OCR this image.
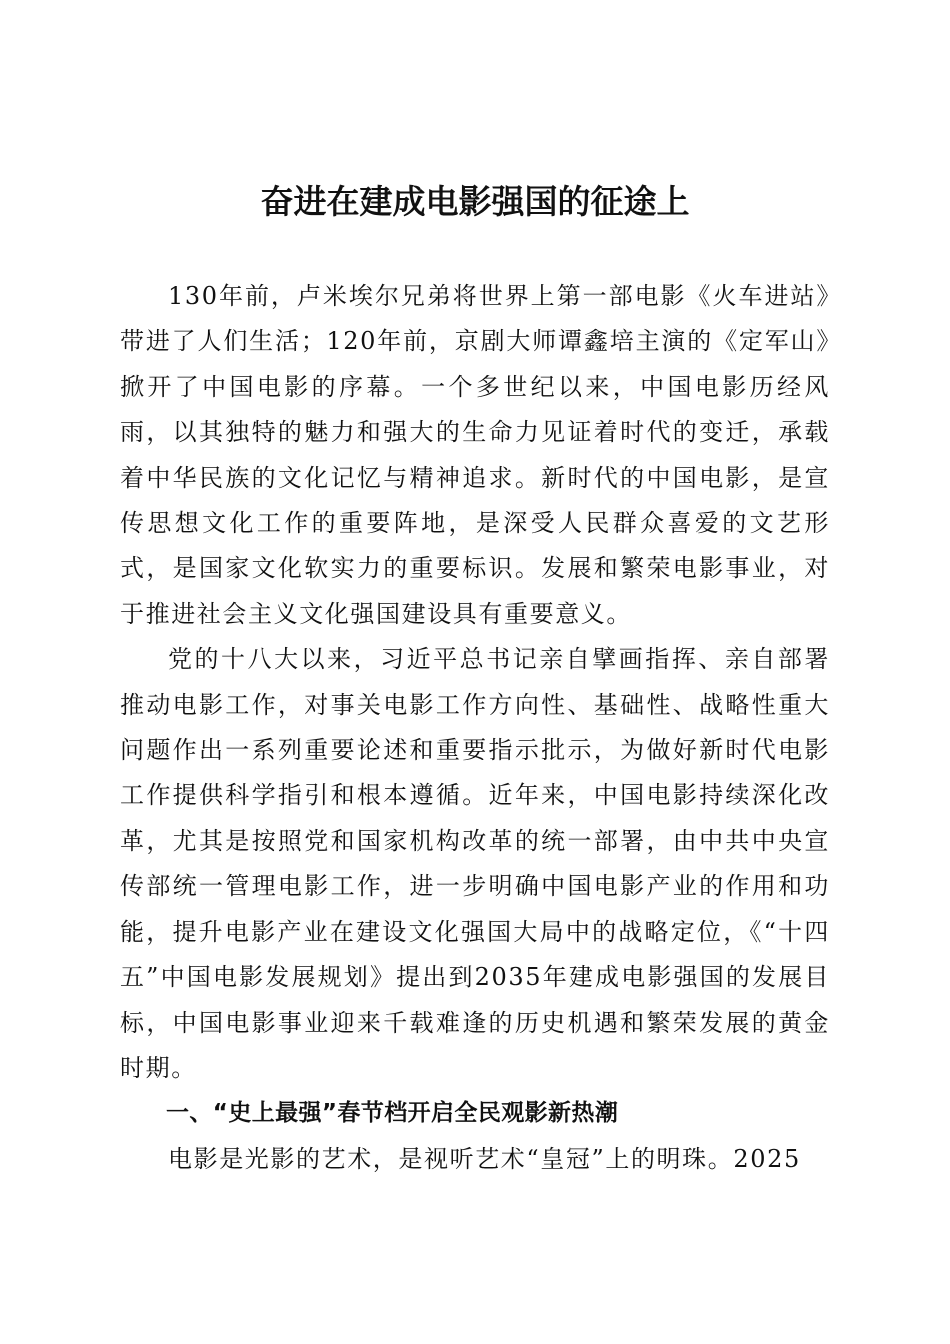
奋进在建成电影强国的征途上

130年前，卢米埃尔兄弟将世界上第一部电影《火车进站》带进了人们生活；120年前，京剧大师谭鑫培主演的《定军山》掀开了中国电影的序幕。一个多世纪以来，中国电影历经风雨，以其独特的魅力和强大的生命力见证着时代的变迁，承载着中华民族的文化记忆与精神追求。新时代的中国电影，是宣传思想文化工作的重要阵地，是深受人民群众喜爱的文艺形式，是国家文化软实力的重要标识。发展和繁荣电影事业，对于推进社会主义文化强国建设具有重要意义。

党的十八大以来，习近平总书记亲自擘画指挥、亲自部署推动电影工作，对事关电影工作方向性、基础性、战略性重大问题作出一系列重要论述和重要指示批示，为做好新时代电影工作提供科学指引和根本遵循。近年来，中国电影持续深化改革，尤其是按照党和国家机构改革的统一部署，由中共中央宣传部统一管理电影工作，进一步明确中国电影产业的作用和功能，提升电影产业在建设文化强国大局中的战略定位，《“十四五”中国电影发展规划》提出到2035年建成电影强国的发展目标，中国电影事业迎来千载难逢的历史机遇和繁荣发展的黄金时期。

一、“史上最强”春节档开启全民观影新热潮

电影是光影的艺术，是视听艺术“皇冠”上的明珠。2025
